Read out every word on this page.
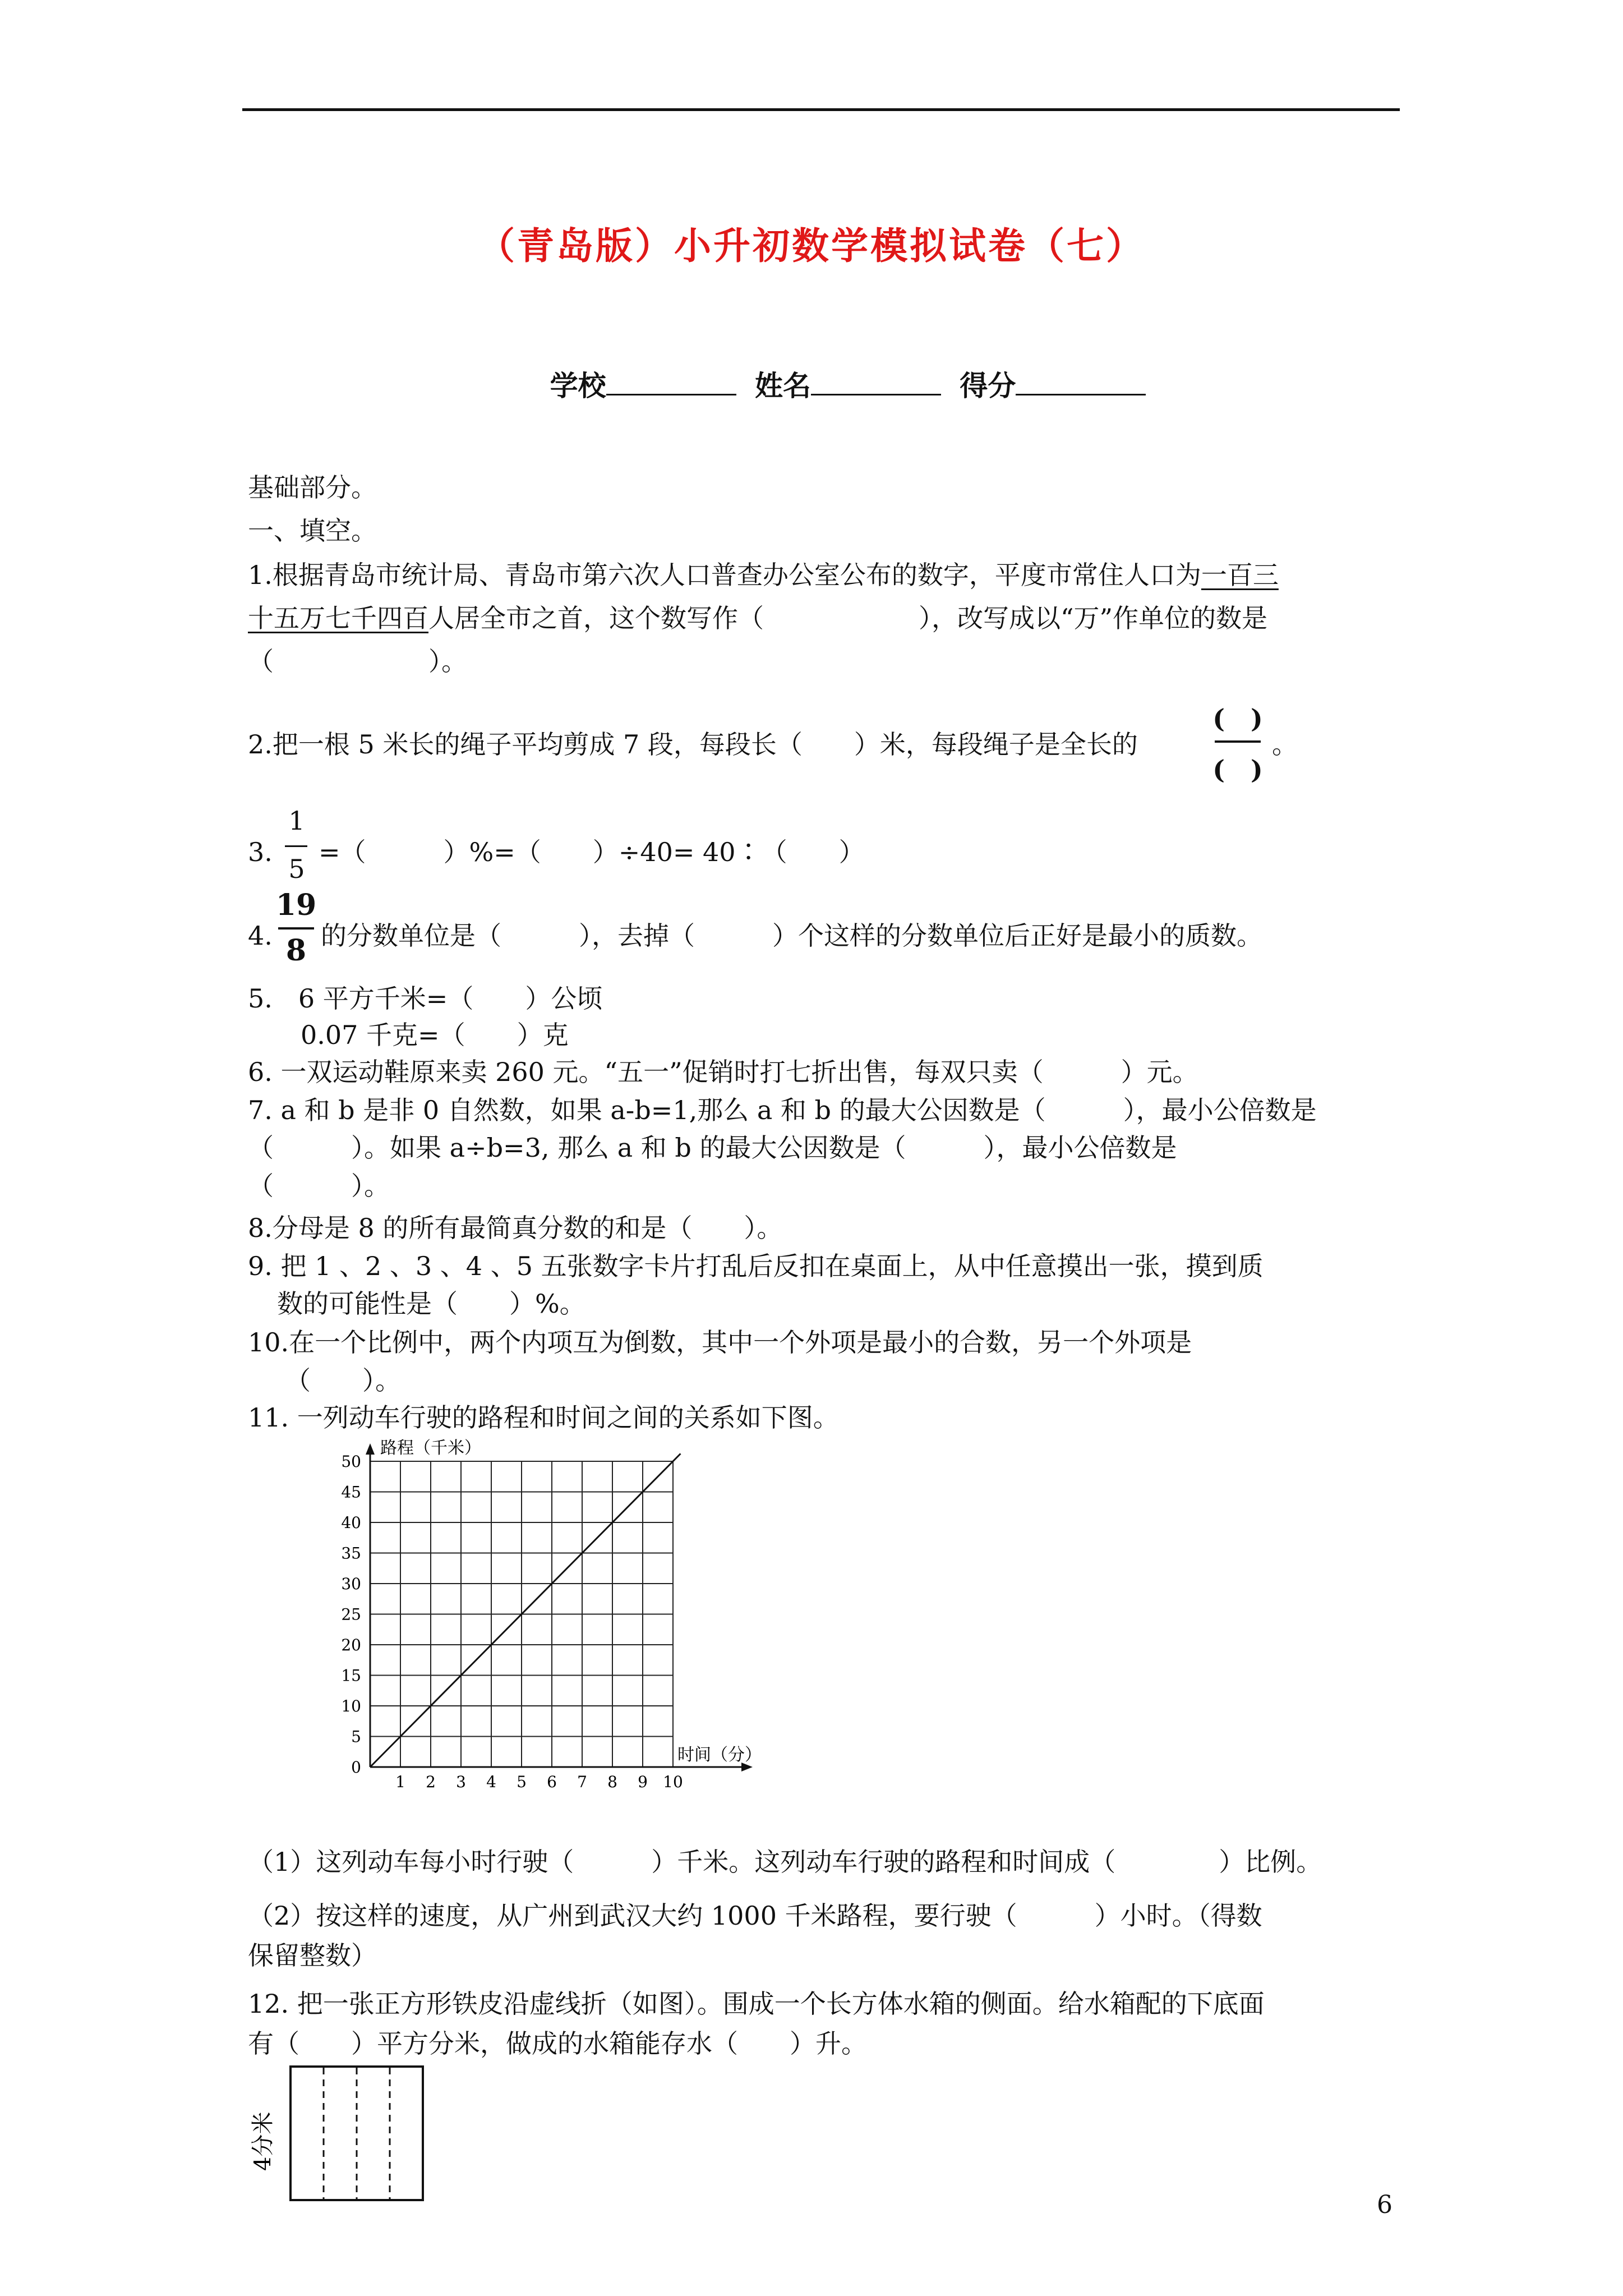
（青岛版）小升初数学模拟试卷（七）
学校	姓名	得分
基础部分。
一、填空。
1.根据青岛市统计局、青岛市第六次人口普查办公室公布的数字，平度市常住人口为一百三
十五万七千四百人居全市之首，这个数写作（　　　　　　），改写成以“万”作单位的数是
（　　　　　　）。
2.把一根 5 米长的绳子平均剪成 7 段，每段长（　　）米，每段绳子是全长的
(　)
(　)
。
3.
1
5
=（　　　）%=（　　）÷40= 40∶（　　）
4.
19
8 的分数单位是（　　　），去掉（　　　）个这样的分数单位后正好是最小的质数。
5.　6 平方千米=（　　）公顷
0.07 千克=（　　）克
6. 一双运动鞋原来卖 260 元。“五一”促销时打七折出售，每双只卖（　　　）元。
7. a 和 b 是非 0 自然数，如果 a-b=1,那么 a 和 b 的最大公因数是（　　　），最小公倍数是
（　　　）。如果 a÷b=3, 那么 a 和 b 的最大公因数是（　　　），最小公倍数是
（　　　）。
8.分母是 8 的所有最简真分数的和是（　　）。
9. 把 1 、2 、3 、4 、5 五张数字卡片打乱后反扣在桌面上，从中任意摸出一张，摸到质
数的可能性是（　　）%。
10.在一个比例中，两个内项互为倒数，其中一个外项是最小的合数，另一个外项是
（　　）。
11. 一列动车行驶的路程和时间之间的关系如下图。
0
5
10
15
20
25
30
35
40
45
50
1 2 3 4 5 6 7 8 9 10
路程（千米）
时间（分）
（1）这列动车每小时行驶（　　　）千米。这列动车行驶的路程和时间成（　　　　）比例。
（2）按这样的速度，从广州到武汉大约 1000 千米路程，要行驶（　　　）小时。（得数
保留整数）
12. 把一张正方形铁皮沿虚线折（如图）。围成一个长方体水箱的侧面。给水箱配的下底面
有（　　）平方分米，做成的水箱能存水（　　）升。
4分米
6
